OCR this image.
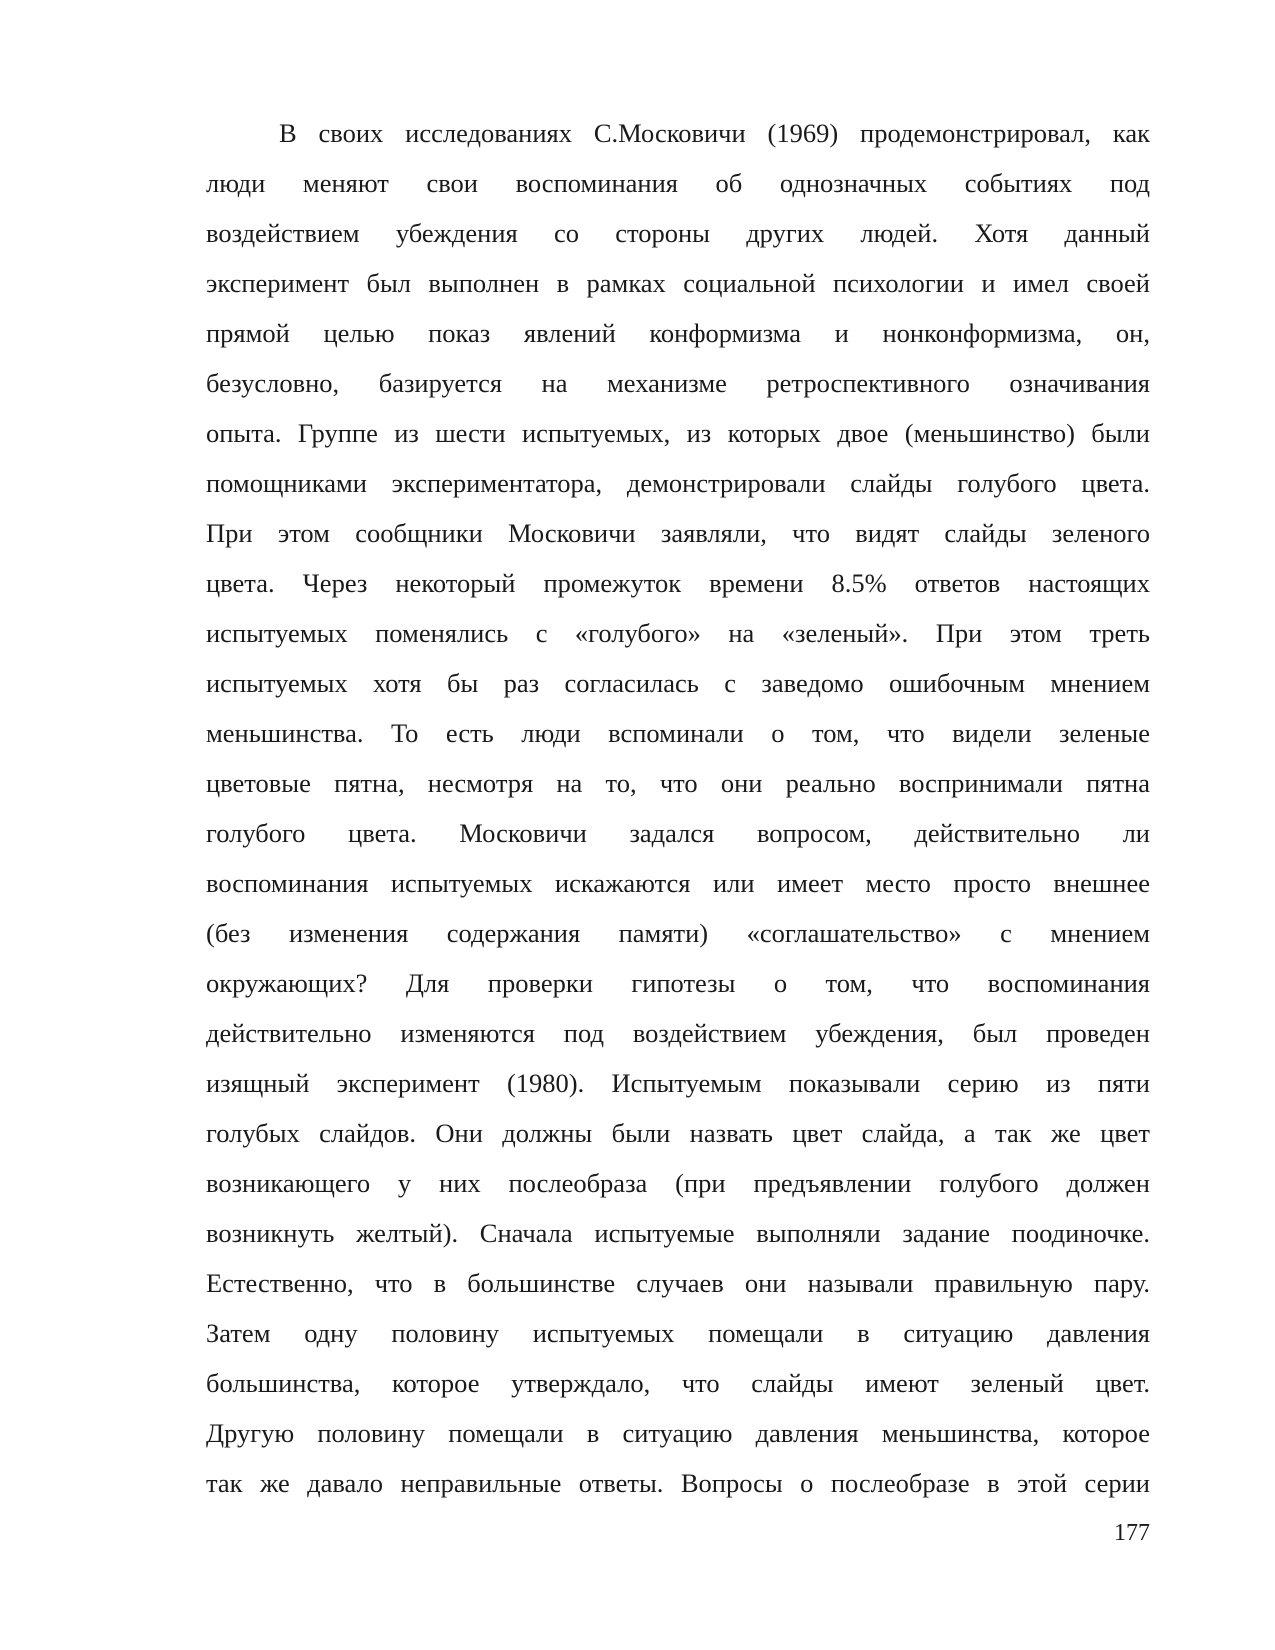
В своих исследованиях С.Московичи (1969) продемонстрировал, как
люди меняют свои воспоминания об однозначных событиях под
воздействием убеждения со стороны других людей. Хотя данный
эксперимент был выполнен в рамках социальной психологии и имел своей
прямой целью показ явлений конформизма и нонконформизма, он,
безусловно, базируется на механизме ретроспективного означивания
опыта. Группе из шести испытуемых, из которых двое (меньшинство) были
помощниками экспериментатора, демонстрировали слайды голубого цвета.
При этом сообщники Московичи заявляли, что видят слайды зеленого
цвета. Через некоторый промежуток времени 8.5% ответов настоящих
испытуемых поменялись с «голубого» на «зеленый». При этом треть
испытуемых хотя бы раз согласилась с заведомо ошибочным мнением
меньшинства. То есть люди вспоминали о том, что видели зеленые
цветовые пятна, несмотря на то, что они реально воспринимали пятна
голубого цвета. Московичи задался вопросом, действительно ли
воспоминания испытуемых искажаются или имеет место просто внешнее
(без изменения содержания памяти) «соглашательство» с мнением
окружающих? Для проверки гипотезы о том, что воспоминания
действительно изменяются под воздействием убеждения, был проведен
изящный эксперимент (1980). Испытуемым показывали серию из пяти
голубых слайдов. Они должны были назвать цвет слайда, а так же цвет
возникающего у них послеобраза (при предъявлении голубого должен
возникнуть желтый). Сначала испытуемые выполняли задание поодиночке.
Естественно, что в большинстве случаев они называли правильную пару.
Затем одну половину испытуемых помещали в ситуацию давления
большинства, которое утверждало, что слайды имеют зеленый цвет.
Другую половину помещали в ситуацию давления меньшинства, которое
так же давало неправильные ответы. Вопросы о послеобразе в этой серии
177
